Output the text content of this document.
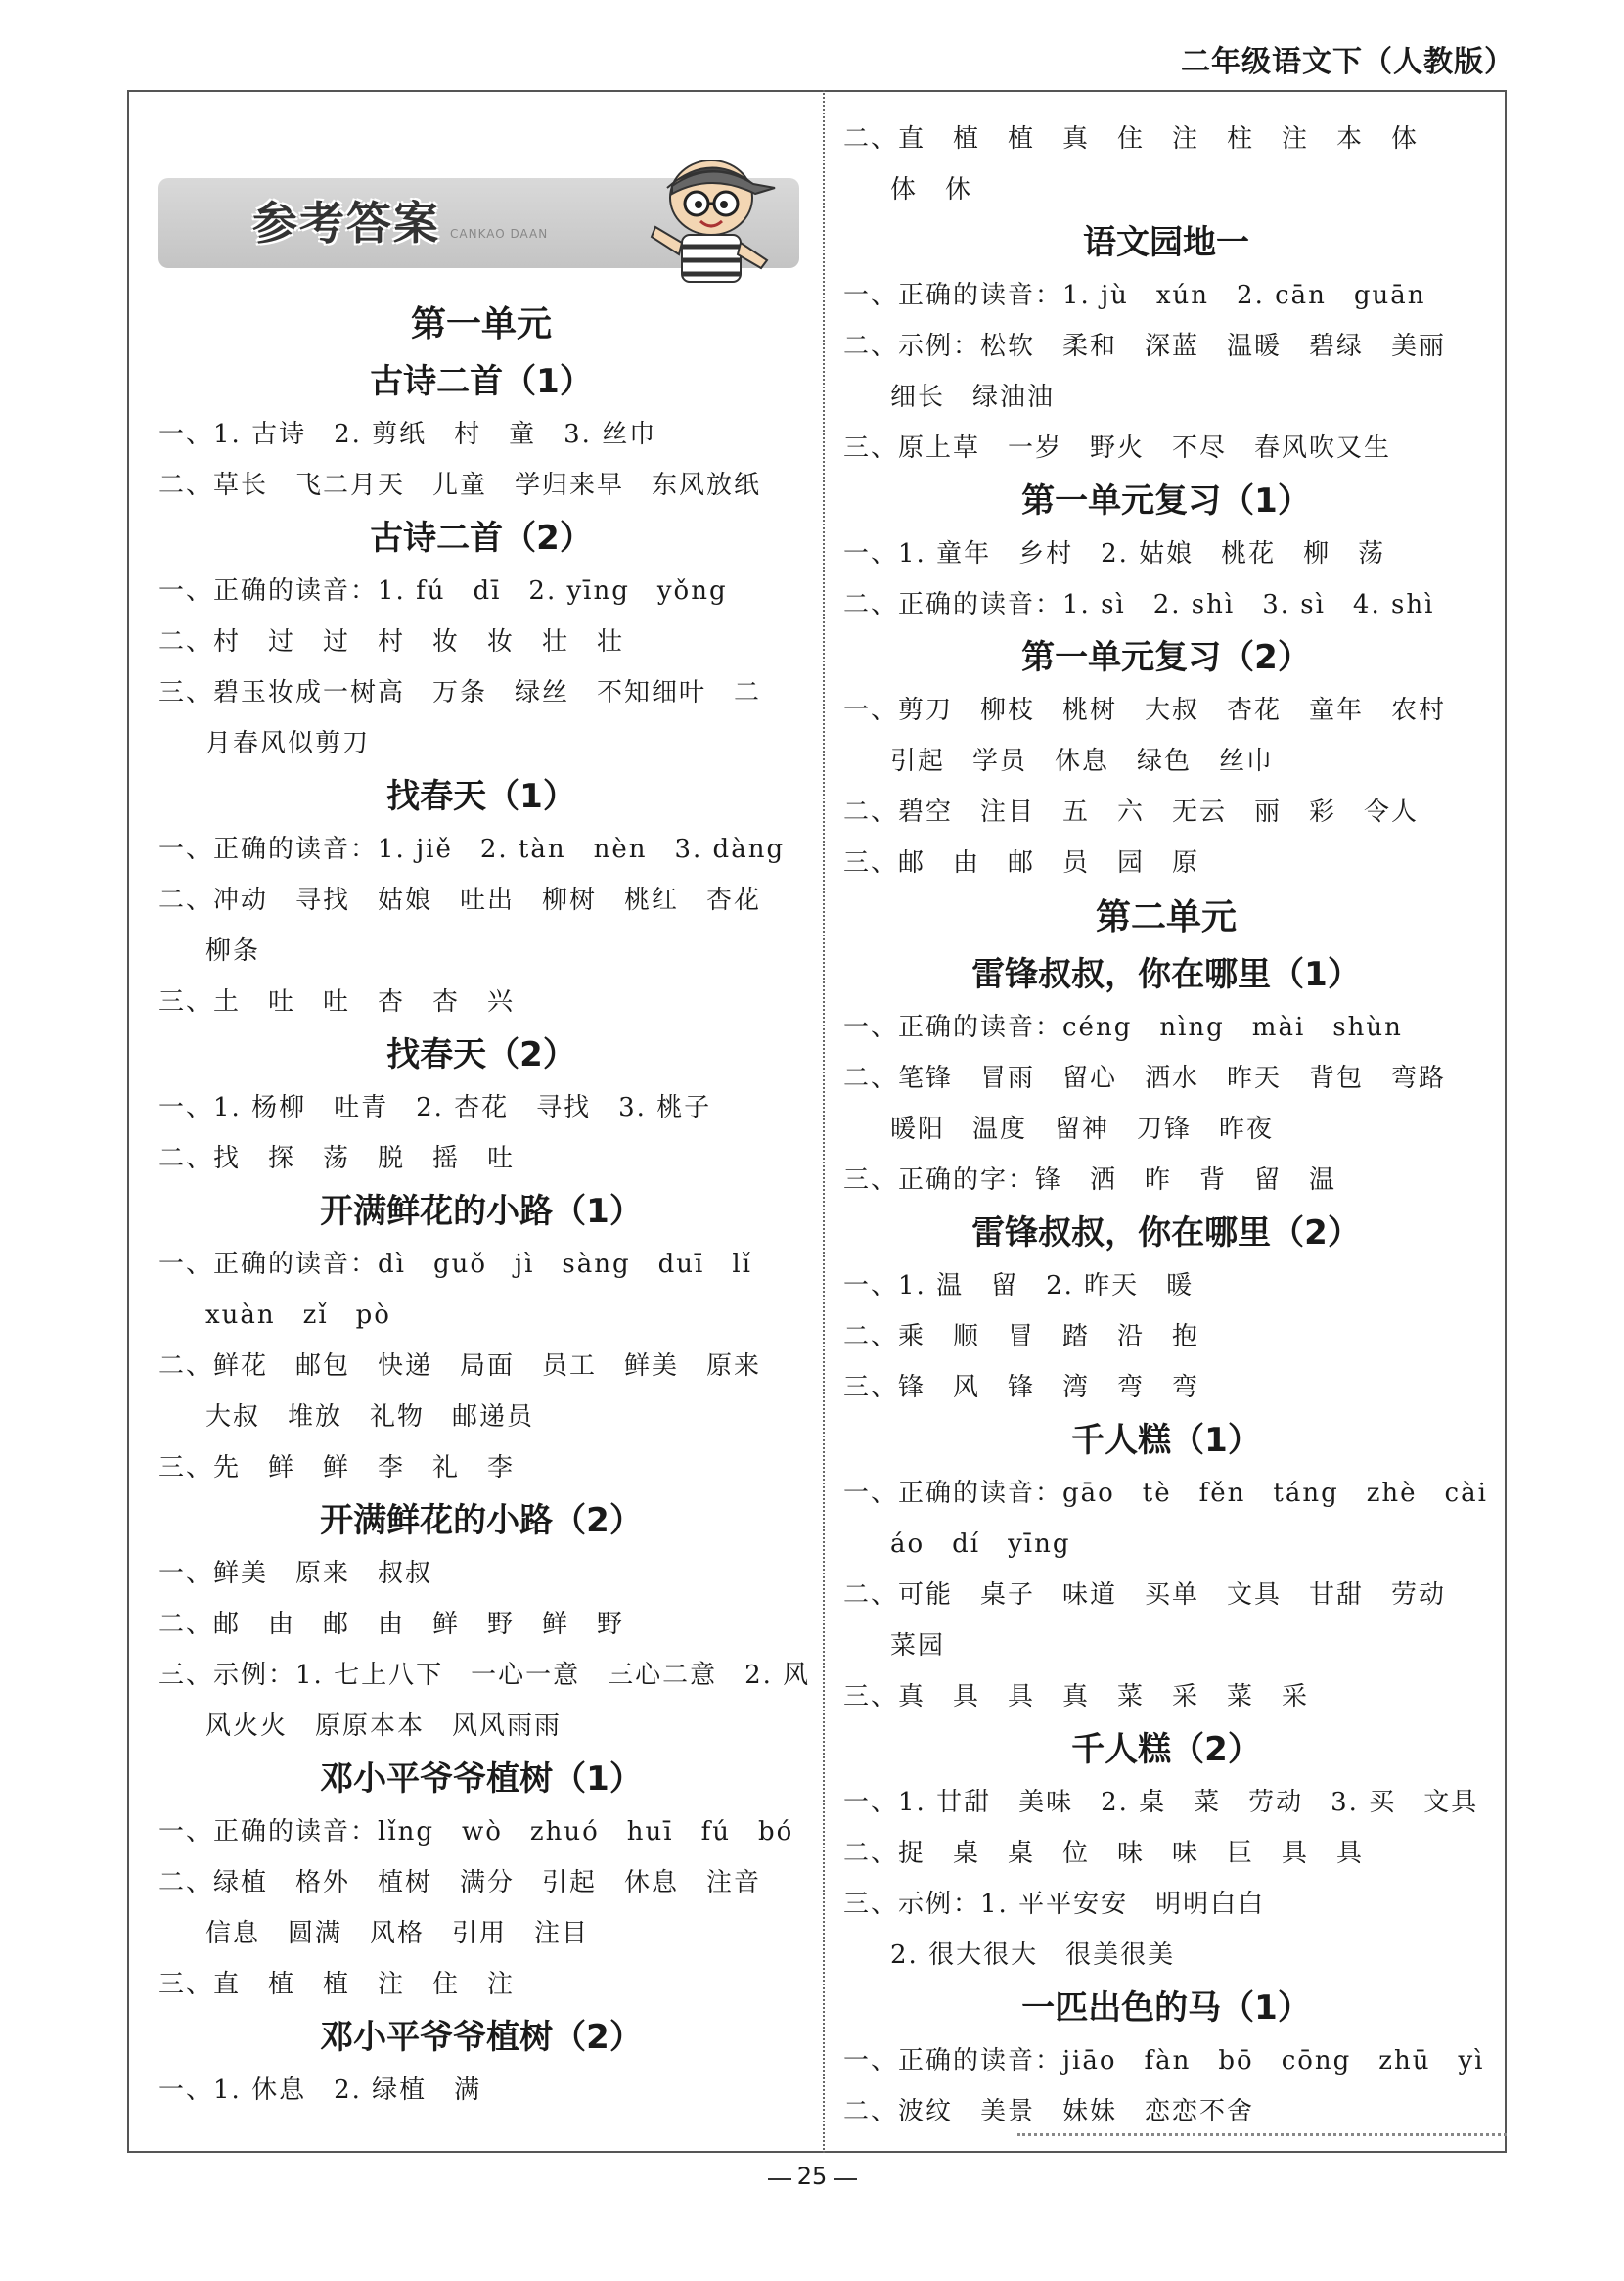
二年级语文下（人教版）
参考答案 CANKAO DAAN
第一单元
古诗二首（1）
一、1. 古诗　2. 剪纸　村　童　3. 丝巾
二、草长　飞二月天　儿童　学归来早　东风放纸
古诗二首（2）
一、正确的读音：1. fú　dī　2. yīng　yǒng
二、村　过　过　村　妆　妆　壮　壮
三、碧玉妆成一树高　万条　绿丝　不知细叶　二
月春风似剪刀
找春天（1）
一、正确的读音：1. jiě　2. tàn　nèn　3. dàng
二、冲动　寻找　姑娘　吐出　柳树　桃红　杏花
柳条
三、土　吐　吐　杏　杏　兴
找春天（2）
一、1. 杨柳　吐青　2. 杏花　寻找　3. 桃子
二、找　探　荡　脱　摇　吐
开满鲜花的小路（1）
一、正确的读音：dì　guǒ　jì　sàng　duī　lǐ
xuàn　zǐ　pò
二、鲜花　邮包　快递　局面　员工　鲜美　原来
大叔　堆放　礼物　邮递员
三、先　鲜　鲜　李　礼　李
开满鲜花的小路（2）
一、鲜美　原来　叔叔
二、邮　由　邮　由　鲜　野　鲜　野
三、示例：1. 七上八下　一心一意　三心二意　2. 风
风火火　原原本本　风风雨雨
邓小平爷爷植树（1）
一、正确的读音：lǐng　wò　zhuó　huī　fú　bó
二、绿植　格外　植树　满分　引起　休息　注音
信息　圆满　风格　引用　注目
三、直　植　植　注　住　注
邓小平爷爷植树（2）
一、1. 休息　2. 绿植　满
二、直　植　植　真　住　注　柱　注　本　体
体　休
语文园地一
一、正确的读音：1. jù　xún　2. cān　guān
二、示例：松软　柔和　深蓝　温暖　碧绿　美丽
细长　绿油油
三、原上草　一岁　野火　不尽　春风吹又生
第一单元复习（1）
一、1. 童年　乡村　2. 姑娘　桃花　柳　荡
二、正确的读音：1. sì　2. shì　3. sì　4. shì
第一单元复习（2）
一、剪刀　柳枝　桃树　大叔　杏花　童年　农村
引起　学员　休息　绿色　丝巾
二、碧空　注目　五　六　无云　丽　彩　令人
三、邮　由　邮　员　园　原
第二单元
雷锋叔叔，你在哪里（1）
一、正确的读音：céng　nìng　mài　shùn
二、笔锋　冒雨　留心　洒水　昨天　背包　弯路
暖阳　温度　留神　刀锋　昨夜
三、正确的字：锋　洒　昨　背　留　温
雷锋叔叔，你在哪里（2）
一、1. 温　留　2. 昨天　暖
二、乘　顺　冒　踏　沿　抱
三、锋　风　锋　湾　弯　弯
千人糕（1）
一、正确的读音：gāo　tè　fěn　táng　zhè　cài
áo　dí　yīng
二、可能　桌子　味道　买单　文具　甘甜　劳动
菜园
三、真　具　具　真　菜　采　菜　采
千人糕（2）
一、1. 甘甜　美味　2. 桌　菜　劳动　3. 买　文具
二、捉　桌　桌　位　味　味　巨　具　具
三、示例：1. 平平安安　明明白白
2. 很大很大　很美很美
一匹出色的马（1）
一、正确的读音：jiāo　fàn　bō　cōng　zhū　yì
二、波纹　美景　妹妹　恋恋不舍
25
